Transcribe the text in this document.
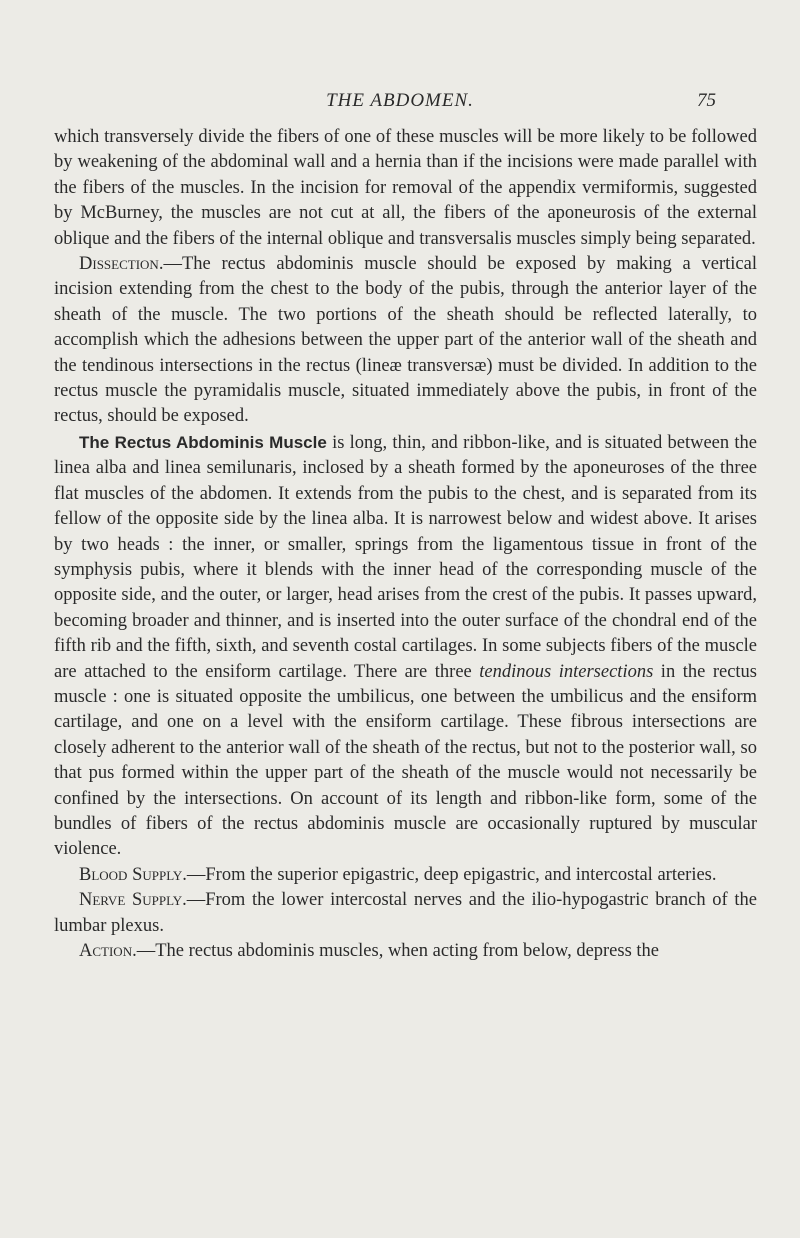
THE ABDOMEN.	75

which transversely divide the fibers of one of these muscles will be more likely to be followed by weakening of the abdominal wall and a hernia than if the incisions were made parallel with the fibers of the muscles. In the incision for removal of the appendix vermiformis, suggested by McBurney, the muscles are not cut at all, the fibers of the aponeurosis of the external oblique and the fibers of the internal oblique and transversalis muscles simply being separated.

Dissection.—The rectus abdominis muscle should be exposed by making a vertical incision extending from the chest to the body of the pubis, through the anterior layer of the sheath of the muscle. The two portions of the sheath should be reflected laterally, to accomplish which the adhesions between the upper part of the anterior wall of the sheath and the tendinous intersections in the rectus (lineæ transversæ) must be divided. In addition to the rectus muscle the pyramidalis muscle, situated immediately above the pubis, in front of the rectus, should be exposed.

The Rectus Abdominis Muscle is long, thin, and ribbon-like, and is situated between the linea alba and linea semilunaris, inclosed by a sheath formed by the aponeuroses of the three flat muscles of the abdomen. It extends from the pubis to the chest, and is separated from its fellow of the opposite side by the linea alba. It is narrowest below and widest above. It arises by two heads : the inner, or smaller, springs from the ligamentous tissue in front of the symphysis pubis, where it blends with the inner head of the corresponding muscle of the opposite side, and the outer, or larger, head arises from the crest of the pubis. It passes upward, becoming broader and thinner, and is inserted into the outer surface of the chondral end of the fifth rib and the fifth, sixth, and seventh costal cartilages. In some subjects fibers of the muscle are attached to the ensiform cartilage. There are three tendinous intersections in the rectus muscle : one is situated opposite the umbilicus, one between the umbilicus and the ensiform cartilage, and one on a level with the ensiform cartilage. These fibrous intersections are closely adherent to the anterior wall of the sheath of the rectus, but not to the posterior wall, so that pus formed within the upper part of the sheath of the muscle would not necessarily be confined by the intersections. On account of its length and ribbon-like form, some of the bundles of fibers of the rectus abdominis muscle are occasionally ruptured by muscular violence.

Blood Supply.—From the superior epigastric, deep epigastric, and intercostal arteries.

Nerve Supply.—From the lower intercostal nerves and the ilio-hypogastric branch of the lumbar plexus.

Action.—The rectus abdominis muscles, when acting from below, depress the
